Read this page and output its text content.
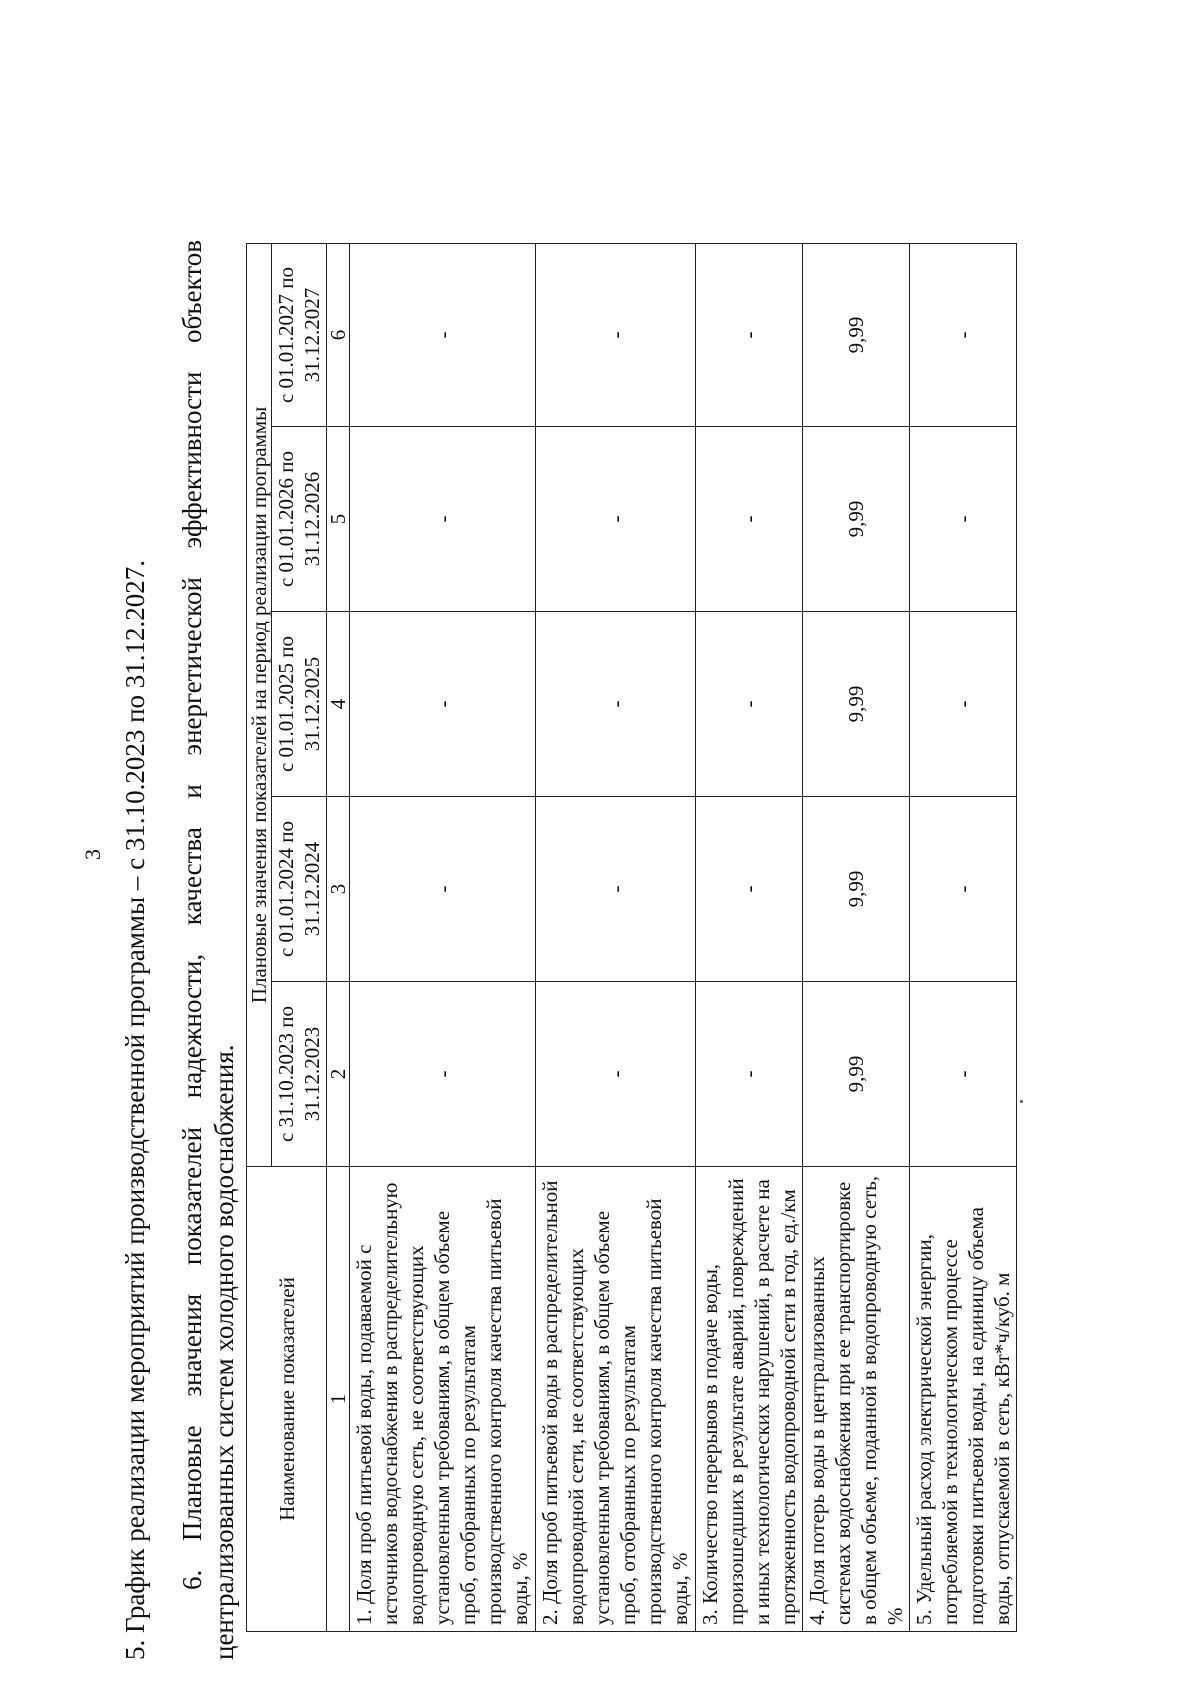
3 5. График реализации мероприятий производственной программы – с 31.10.2023 по 31.12.2027. 6. Плановые значения показателей надежности, качества и энергетической эффективности объектов централизованных систем холодного водоснабжения. Наименование показателей	Плановые значения показателей на период реализации программы				
	с 31.10.2023 по 31.12.2023	с 01.01.2024 по 31.12.2024	с 01.01.2025 по 31.12.2025	с 01.01.2026 по 31.12.2026	с 01.01.2027 по 31.12.2027
1	2	3	4	5	6
1. Доля проб питьевой воды, подаваемой с источников водоснабжения в распределительную водопроводную сеть, не соответствующих установленным требованиям, в общем объеме проб, отобранных по результатам производственного контроля качества питьевой воды, %	-	-	-	-	-
2. Доля проб питьевой воды в распределительной водопроводной сети, не соответствующих установленным требованиям, в общем объеме проб, отобранных по результатам производственного контроля качества питьевой воды, %	-	-	-	-	-
3. Количество перерывов в подаче воды, произошедших в результате аварий, повреждений и иных технологических нарушений, в расчете на протяженность водопроводной сети в год, ед./км	-	-	-	-	-
4. Доля потерь воды в централизованных системах водоснабжения при ее транспортировке в общем объеме, поданной в водопроводную сеть, %	9,99	9,99	9,99	9,99	9,99
5. Удельный расход электрической энергии, потребляемой в технологическом процессе подготовки питьевой воды, на единицу объема воды, отпускаемой в сеть, кВт*ч/куб. м	-	-	-	-	-
